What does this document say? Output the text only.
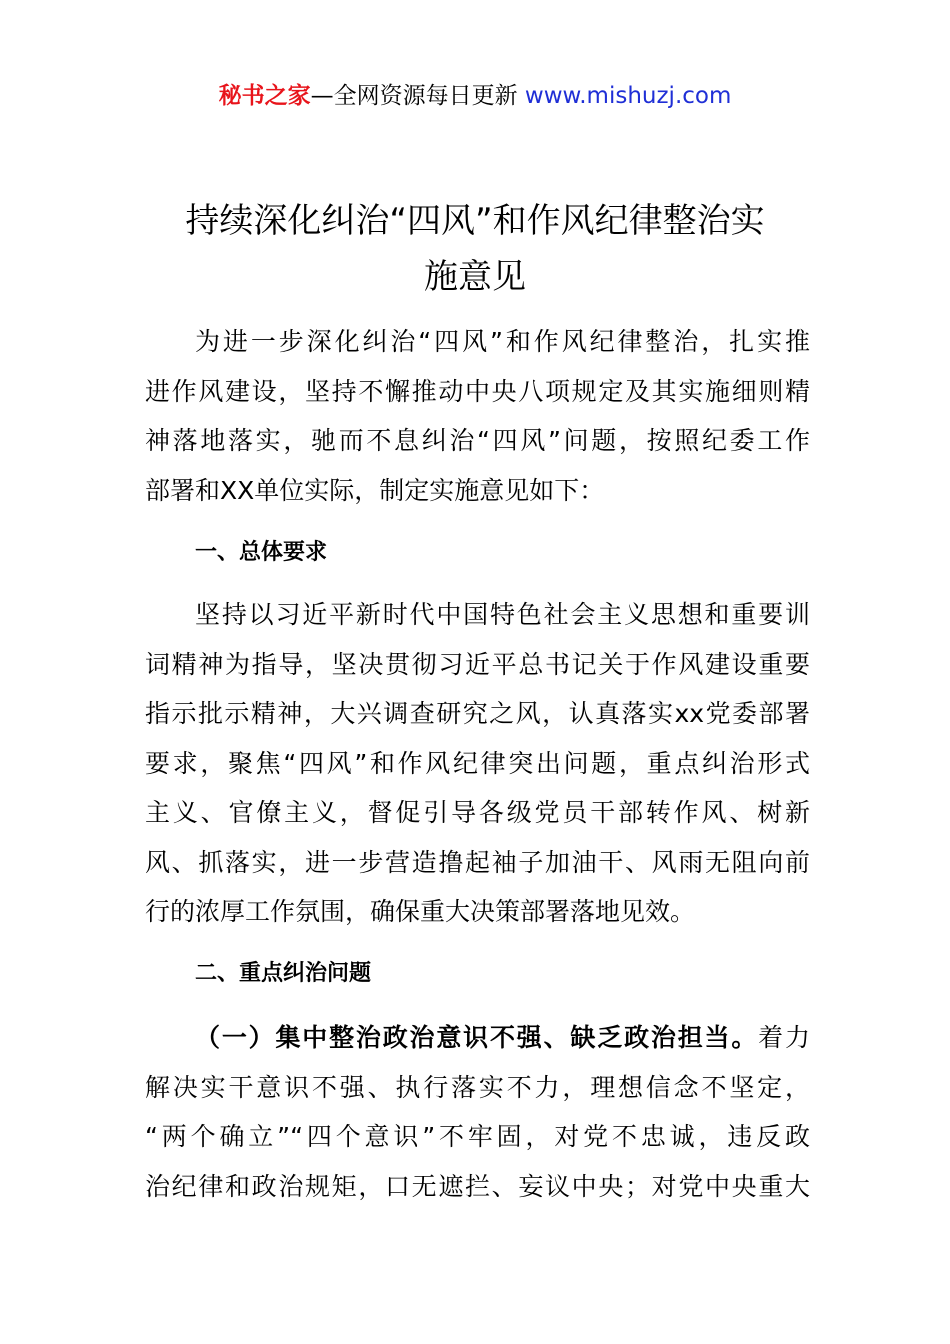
秘书之家—全网资源每日更新 www.mishuzj.com
持续深化纠治“四风”和作风纪律整治实
施意见
为进一步深化纠治“四风”和作风纪律整治，扎实推
进作风建设，坚持不懈推动中央八项规定及其实施细则精
神落地落实，驰而不息纠治“四风”问题，按照纪委工作
部署和XX单位实际，制定实施意见如下：
一、总体要求
坚持以习近平新时代中国特色社会主义思想和重要训
词精神为指导，坚决贯彻习近平总书记关于作风建设重要
指示批示精神，大兴调查研究之风，认真落实xx党委部署
要求，聚焦“四风”和作风纪律突出问题，重点纠治形式
主义、官僚主义，督促引导各级党员干部转作风、树新
风、抓落实，进一步营造撸起袖子加油干、风雨无阻向前
行的浓厚工作氛围，确保重大决策部署落地见效。
二、重点纠治问题
（一）集中整治政治意识不强、缺乏政治担当。着力
解决实干意识不强、执行落实不力，理想信念不坚定，
“两个确立”“四个意识”不牢固，对党不忠诚，违反政
治纪律和政治规矩，口无遮拦、妄议中央；对党中央重大
